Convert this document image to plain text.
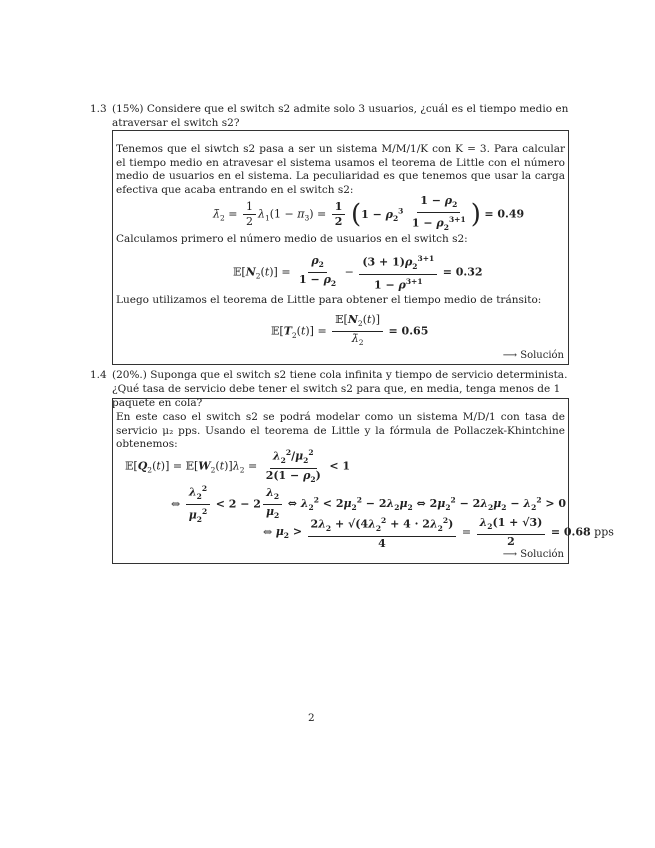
1.3 (15%) Considere que el switch s2 admite solo 3 usuarios, ¿cuál es el tiempo medio en atraversar el switch s2?
Tenemos que el siwtch s2 pasa a ser un sistema M/M/1/K con K = 3. Para calcular el tiempo medio en atravesar el sistema usamos el teorema de Little con el número medio de usuarios en el sistema. La peculiaridad es que tenemos que usar la carga efectiva que acaba entrando en el switch s2:
$\lambdā_2 = \frac{1}{2} \lambda_1(1 - \pi_3) = \frac{1}{2} (1 - \rho_2^3 \frac{1 - \rho_2}{1 - \rho_2^{3+1}}$ ) = 0.49
Calculamos primero el número medio de usuarios en el switch s2:
$𝔼[N_2(t)] = \frac{\rho_2}{1 - \rho_2} - \frac{(3 + 1)\rho_2^{3+1}}{1 - \rho^{3+1}} = 0.32$
Luego utilizamos el teorema de Little para obtener el tiempo medio de tránsito:
$𝔼[T_2(t)] = \frac{𝔼[N_2(t)]}{\lambdā_2} = 0.65$
⟶ Solución
1.4 (20%.) Suponga que el switch s2 tiene cola infinita y tiempo de servicio determinista. ¿Qué tasa de servicio debe tener el switch s2 para que, en media, tenga menos de 1 paquete en cola?
En este caso el switch s2 se podrá modelar como un sistema M/D/1 con tasa de servicio μ₂ pps. Usando el teorema de Little y la fórmula de Pollaczek-Khintchine obtenemos:
$𝔼[Q_2(t)]$ = $𝔼[W_2(t)]\lambda_2 = \frac{\lambda_2^2/\mu_2^2}{2(1 - \rho_2)} < 1$
⇔ $\frac{\lambda_2^2}{\mu_2^2} < 2 - 2 \frac{\lambda_2}{\mu_2}$ ⇔ $\lambda_2^2 < 2\mu_2^2 - 2\lambda_2\mu_2$ ⇔ $2\mu_2^2 - 2\lambda_2\mu_2 - \lambda_2^2 > 0$
⇔ $\mu_2 > \frac{2\lambda_2 + √(4\lambda_2^2 + 4 \cdot 2\lambda_2^2)}{4} = \frac{\lambda_2(1 + √3)}{2} = 0.68$ pps
⟶ Solución
2
